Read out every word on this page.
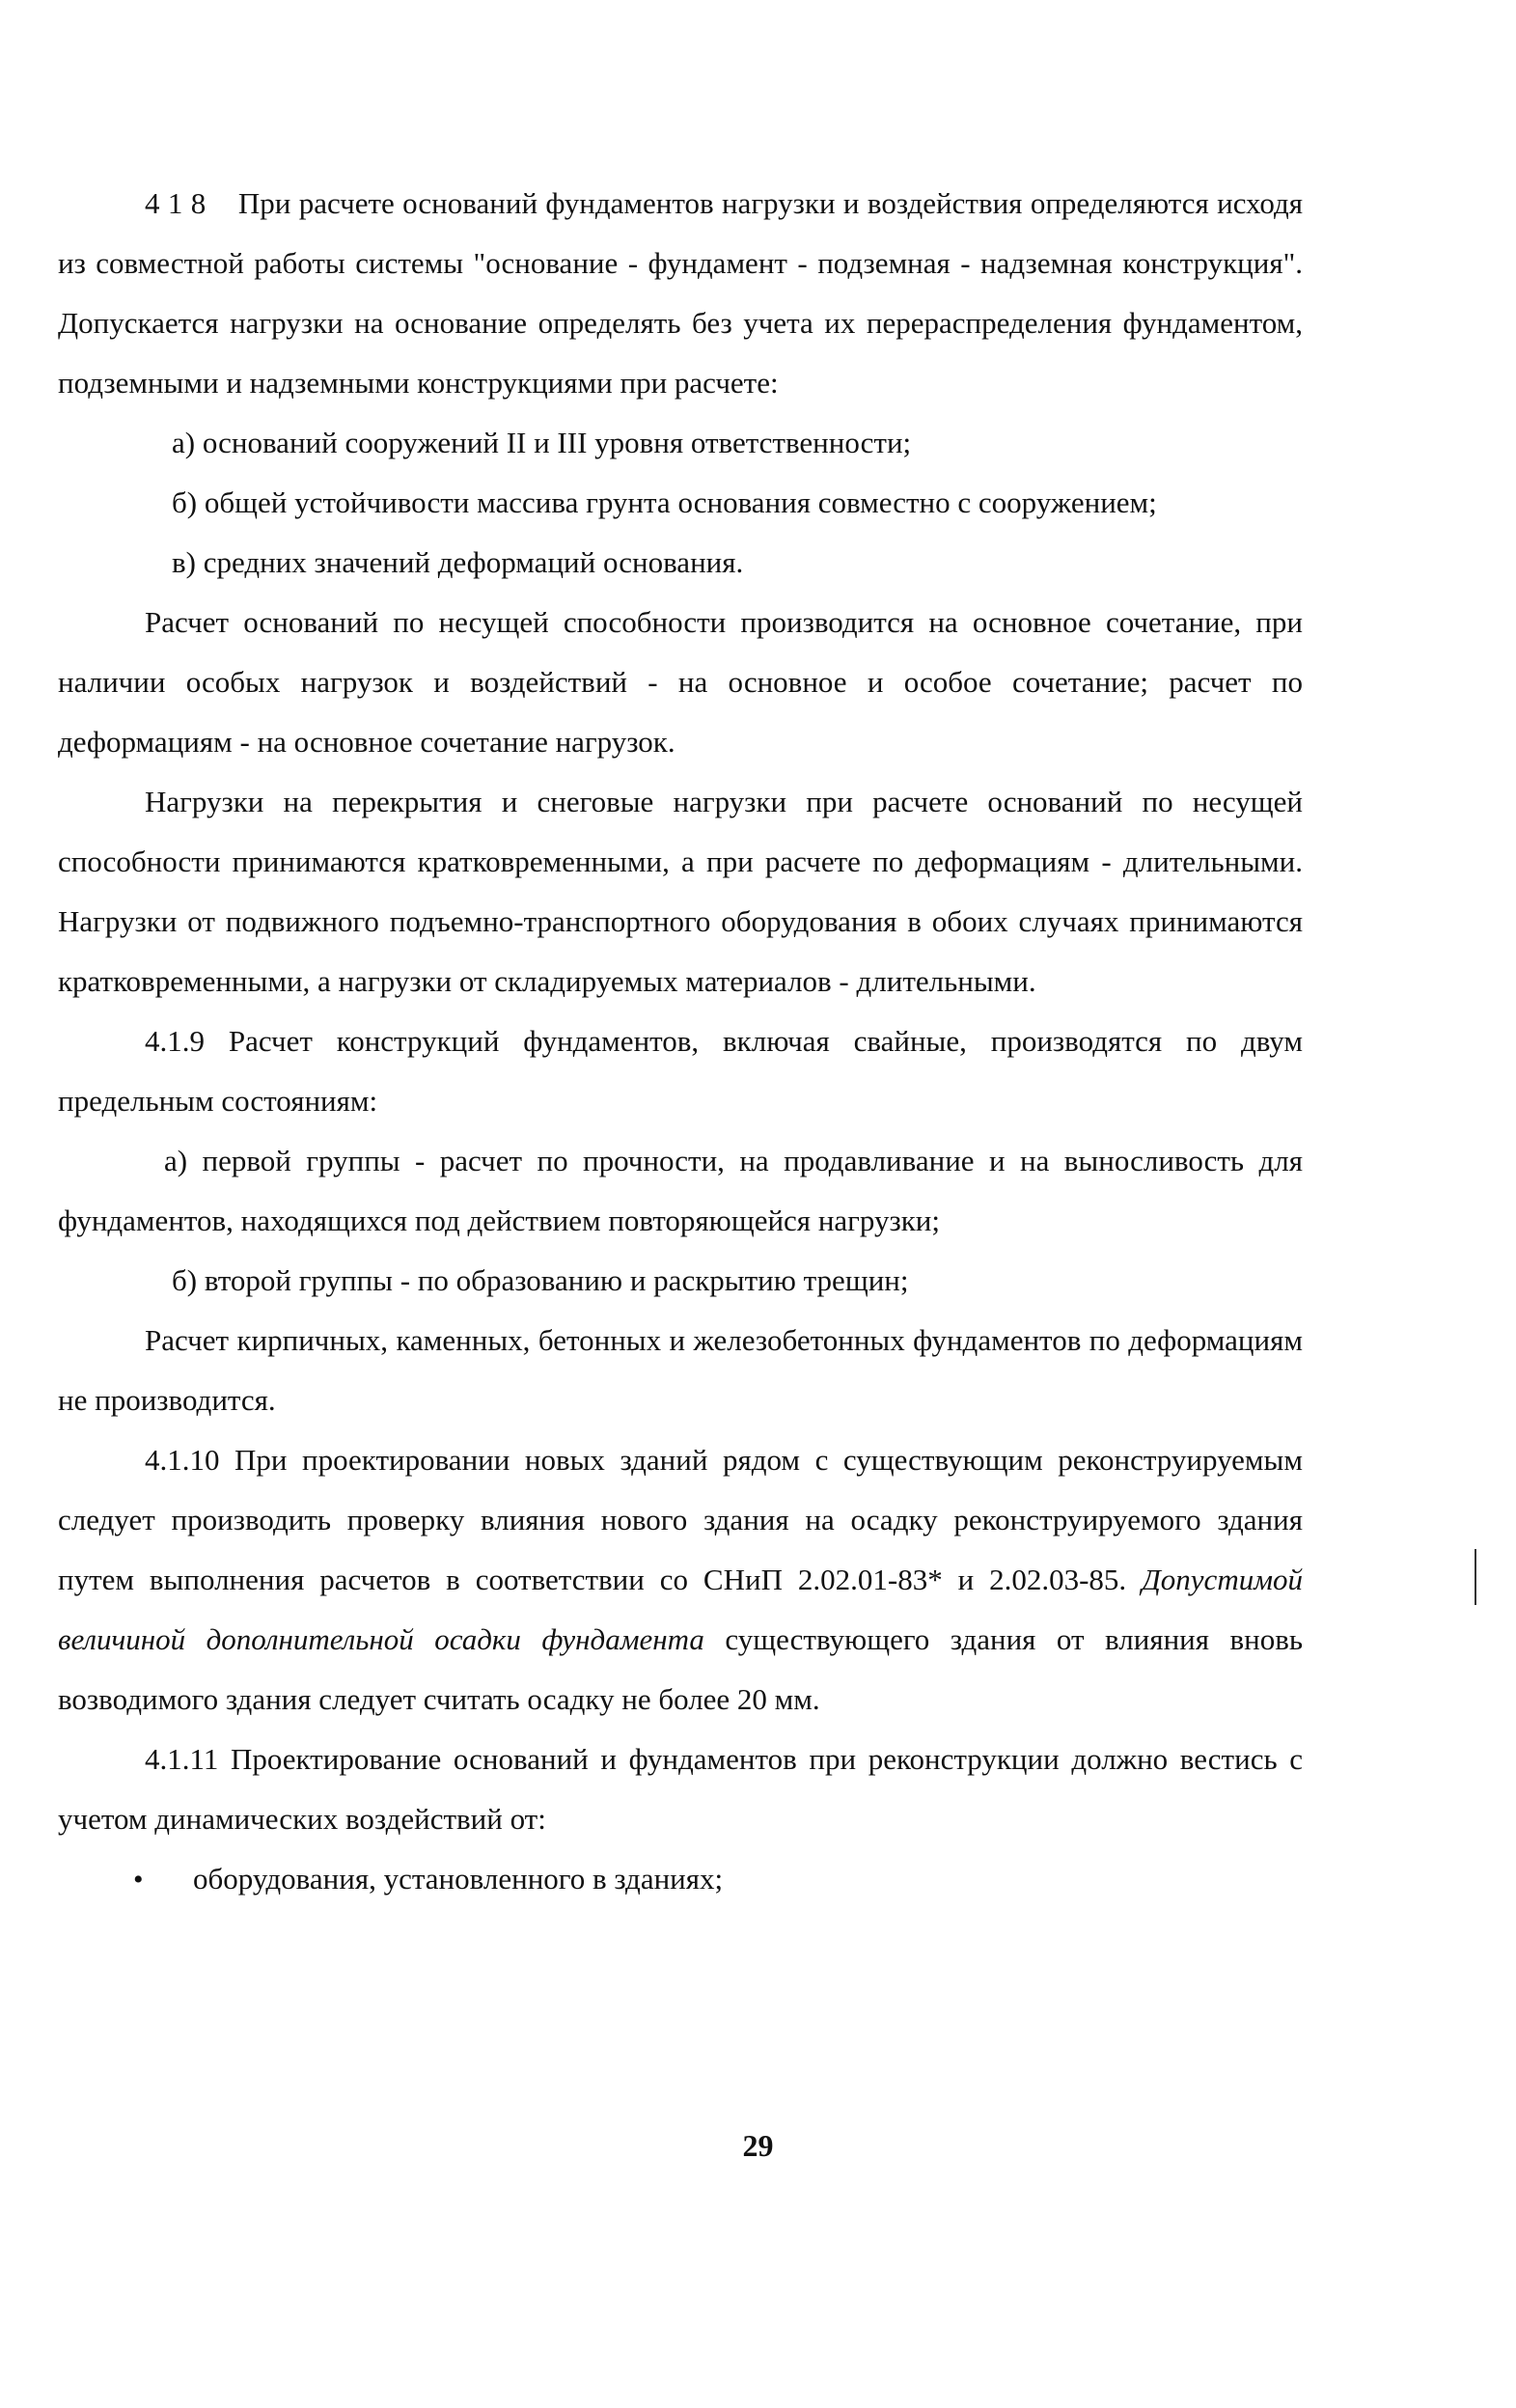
4 1 8 При расчете оснований фундаментов нагрузки и воздействия определяются исходя из совместной работы системы "основание - фундамент - подземная - надземная конструкция". Допускается нагрузки на основание определять без учета их перераспределения фундаментом, подземными и надземными конструкциями при расчете:

а) оснований сооружений II и III уровня ответственности;

б) общей устойчивости массива грунта основания совместно с сооружением;

в) средних значений деформаций основания.

Расчет оснований по несущей способности производится на основное сочетание, при наличии особых нагрузок и воздействий - на основное и особое сочетание; расчет по деформациям - на основное сочетание нагрузок.

Нагрузки на перекрытия и снеговые нагрузки при расчете оснований по несущей способности принимаются кратковременными, а при расчете по деформациям - длительными. Нагрузки от подвижного подъемно-транспортного оборудования в обоих случаях принимаются кратковременными, а нагрузки от складируемых материалов - длительными.

4.1.9 Расчет конструкций фундаментов, включая свайные, производятся по двум предельным состояниям:

а) первой группы - расчет по прочности, на продавливание и на выносливость для фундаментов, находящихся под действием повторяющейся нагрузки;

б) второй группы - по образованию и раскрытию трещин;

Расчет кирпичных, каменных, бетонных и железобетонных фундаментов по деформациям не производится.

4.1.10 При проектировании новых зданий рядом с существующим реконструируемым следует производить проверку влияния нового здания на осадку реконструируемого здания путем выполнения расчетов в соответствии со СНиП 2.02.01-83* и 2.02.03-85. Допустимой величиной дополнительной осадки фундамента существующего здания от влияния вновь возводимого здания следует считать осадку не более 20 мм.

4.1.11 Проектирование оснований и фундаментов при реконструкции должно вестись с учетом динамических воздействий от:

•	оборудования, установленного в зданиях;

29
